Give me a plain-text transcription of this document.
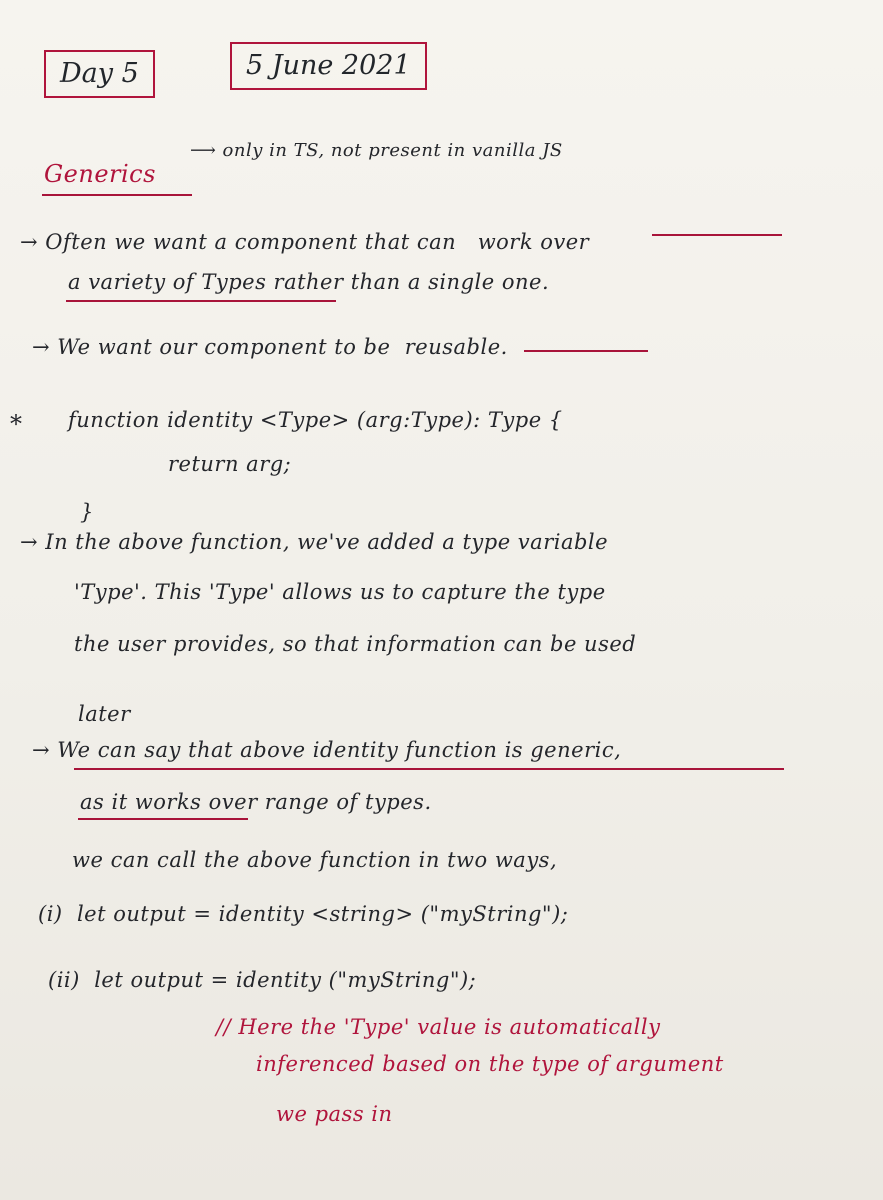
Day 5	5 June 2021
Generics
⟶ only in TS, not present in vanilla JS
→ Often we want a component that can work over
a variety of Types rather than a single one.
→ We want our component to be reusable.
* function identity <Type> (arg:Type): Type {
return arg;
}
→ In the above function, we've added a type variable
'Type'. This 'Type' allows us to capture the type
the user provides, so that information can be used
later
→ We can say that above identity function is generic,
as it works over range of types.
we can call the above function in two ways,
(i) let output = identity <string> ("myString");
(ii) let output = identity ("myString");
// Here the 'Type' value is automatically
inferenced based on the type of argument
we pass in
